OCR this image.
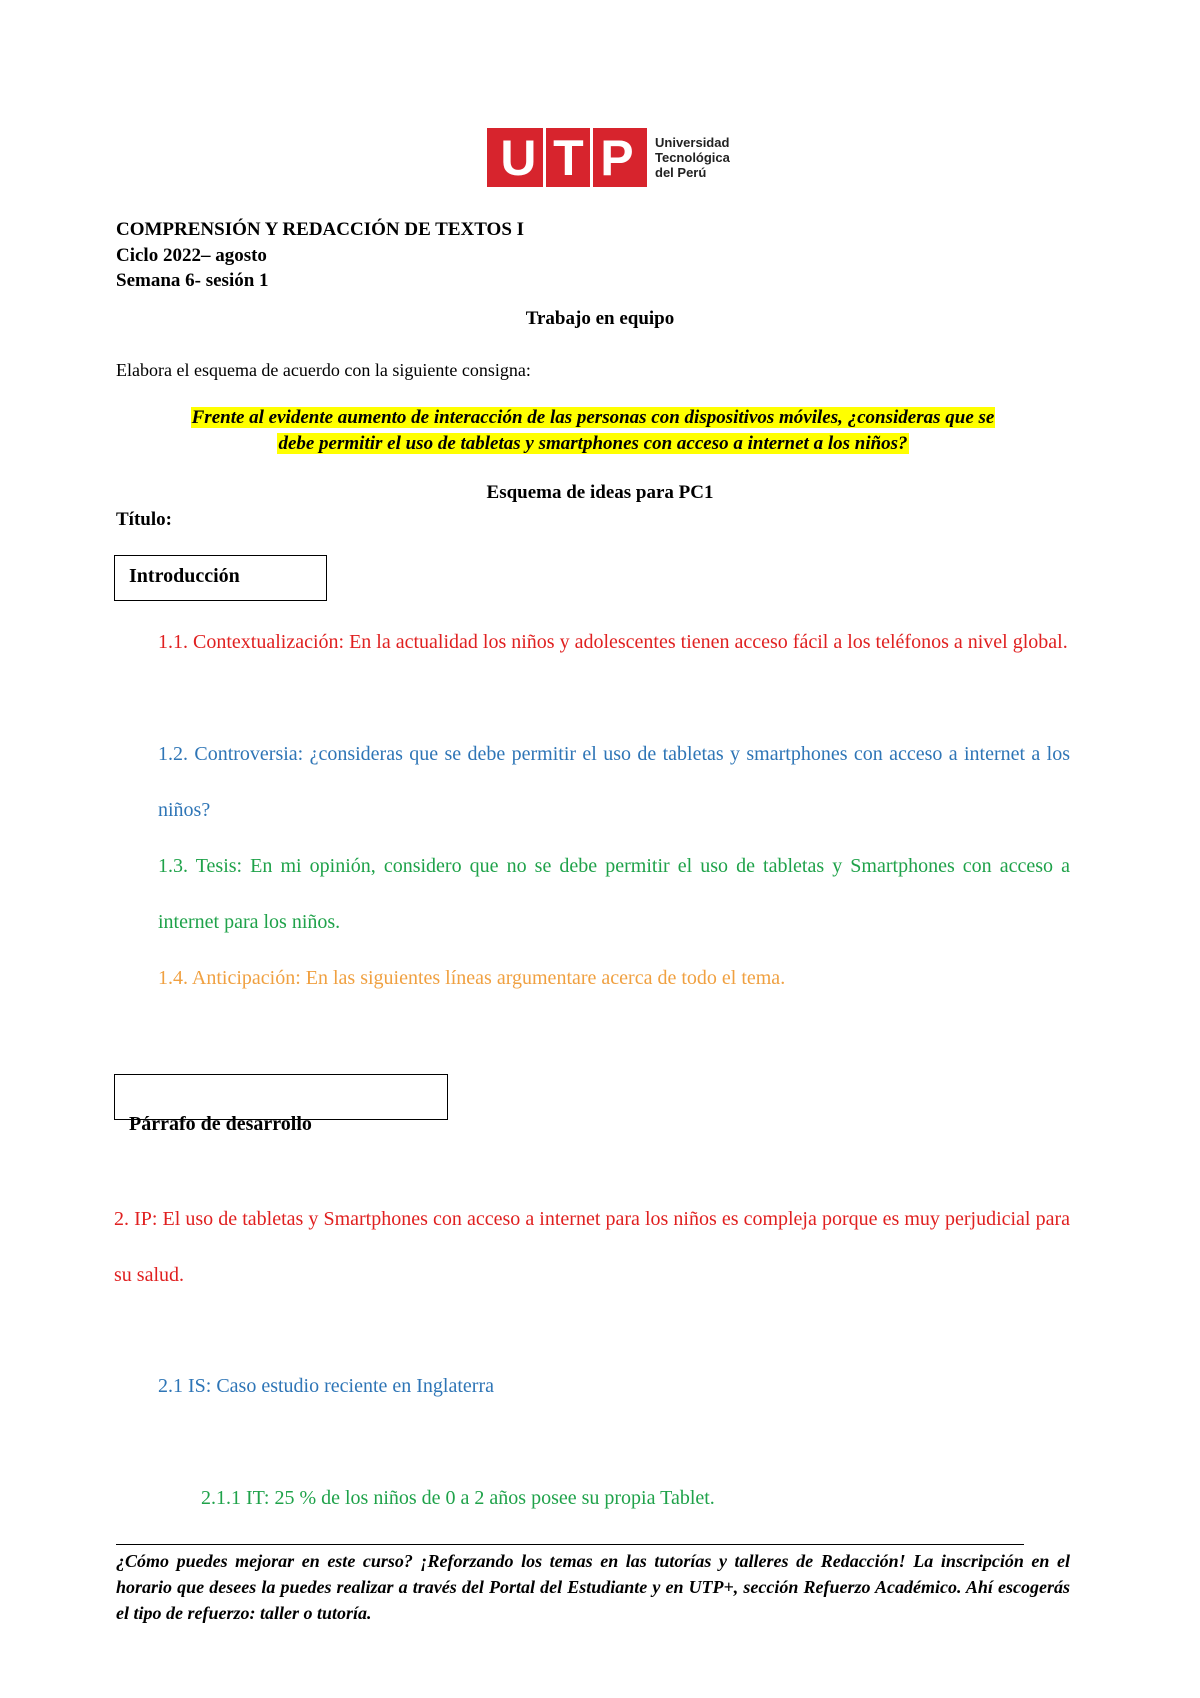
U T P Universidad
Tecnológica
del Perú
COMPRENSIÓN Y REDACCIÓN DE TEXTOS I
Ciclo 2022– agosto
Semana 6- sesión 1
Trabajo en equipo
Elabora el esquema de acuerdo con la siguiente consigna:
Frente al evidente aumento de interacción de las personas con dispositivos móviles, ¿consideras que se
debe permitir el uso de tabletas y smartphones con acceso a internet a los niños?
Esquema de ideas para PC1
Título:
Introducción
1.1. Contextualización: En la actualidad los niños y adolescentes tienen acceso fácil a los teléfonos a nivel global.
1.2. Controversia: ¿consideras que se debe permitir el uso de tabletas y smartphones con acceso a internet a los niños?
1.3. Tesis: En mi opinión, considero que no se debe permitir el uso de tabletas y Smartphones con acceso a internet para los niños.
1.4. Anticipación: En las siguientes líneas argumentare acerca de todo el tema.
Párrafo de desarrollo
2. IP: El uso de tabletas y Smartphones con acceso a internet para los niños es compleja porque es muy perjudicial para su salud.
2.1 IS: Caso estudio reciente en Inglaterra
2.1.1 IT: 25 % de los niños de 0 a 2 años posee su propia Tablet.
¿Cómo puedes mejorar en este curso? ¡Reforzando los temas en las tutorías y talleres de Redacción! La inscripción en el horario que desees la puedes realizar a través del Portal del Estudiante y en UTP+, sección Refuerzo Académico. Ahí escogerás el tipo de refuerzo: taller o tutoría.
